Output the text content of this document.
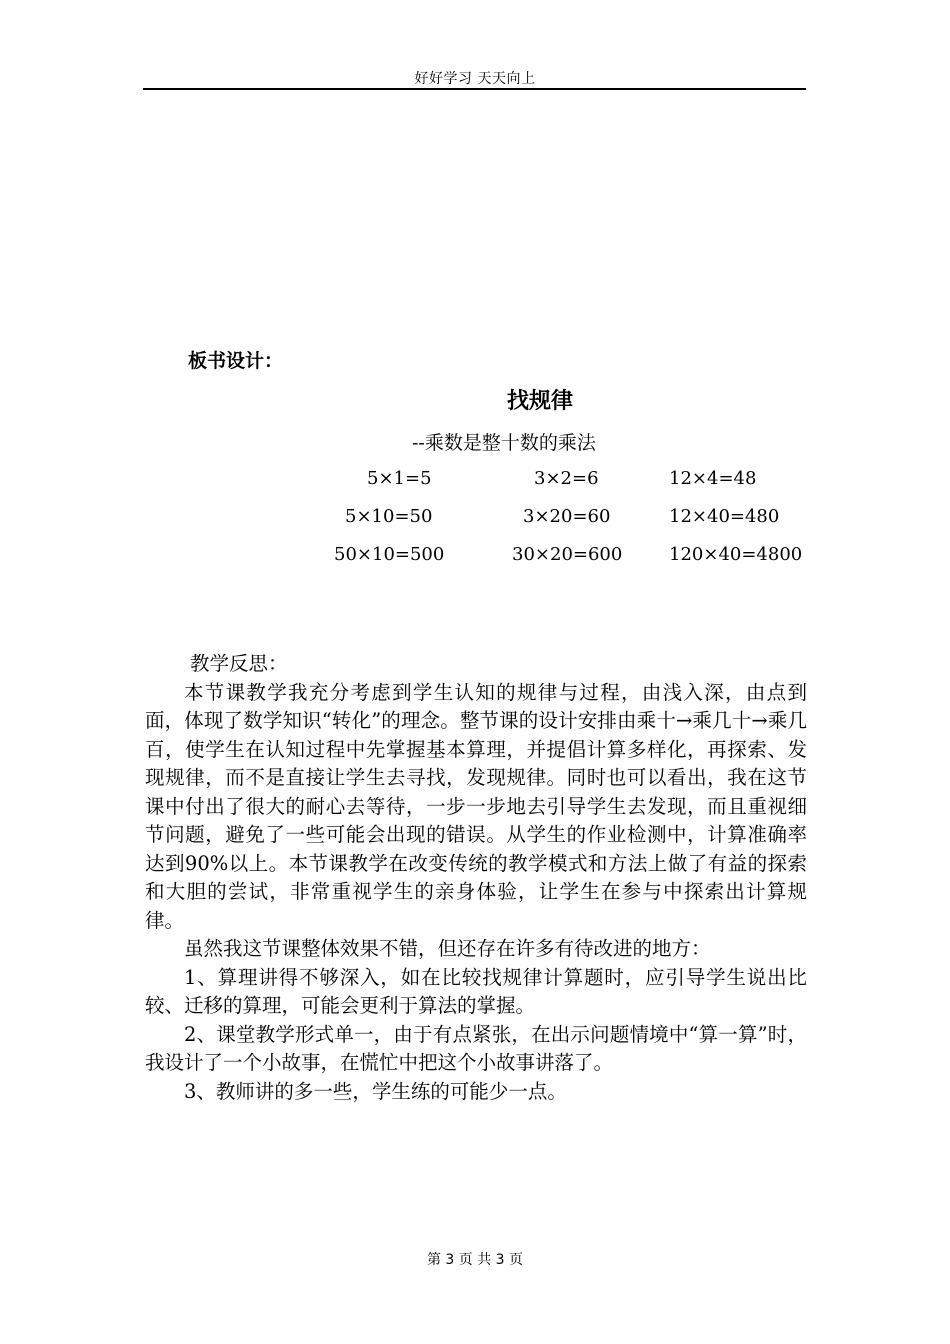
好好学习 天天向上
板书设计：
找规律
--乘数是整十数的乘法
5×1=5	3×2=6	12×4=48
5×10=50	3×20=60	12×40=480
50×10=500	30×20=600	120×40=4800

教学反思：

本节课教学我充分考虑到学生认知的规律与过程，由浅入深，由点到面，体现了数学知识“转化”的理念。整节课的设计安排由乘十→乘几十→乘几百，使学生在认知过程中先掌握基本算理，并提倡计算多样化，再探索、发现规律，而不是直接让学生去寻找，发现规律。同时也可以看出，我在这节课中付出了很大的耐心去等待，一步一步地去引导学生去发现，而且重视细节问题，避免了一些可能会出现的错误。从学生的作业检测中，计算准确率达到90%以上。本节课教学在改变传统的教学模式和方法上做了有益的探索和大胆的尝试，非常重视学生的亲身体验，让学生在参与中探索出计算规律。

虽然我这节课整体效果不错，但还存在许多有待改进的地方：

1、算理讲得不够深入，如在比较找规律计算题时，应引导学生说出比较、迁移的算理，可能会更利于算法的掌握。

2、课堂教学形式单一，由于有点紧张，在出示问题情境中“算一算”时，我设计了一个小故事，在慌忙中把这个小故事讲落了。

3、教师讲的多一些，学生练的可能少一点。

第 3 页 共 3 页
